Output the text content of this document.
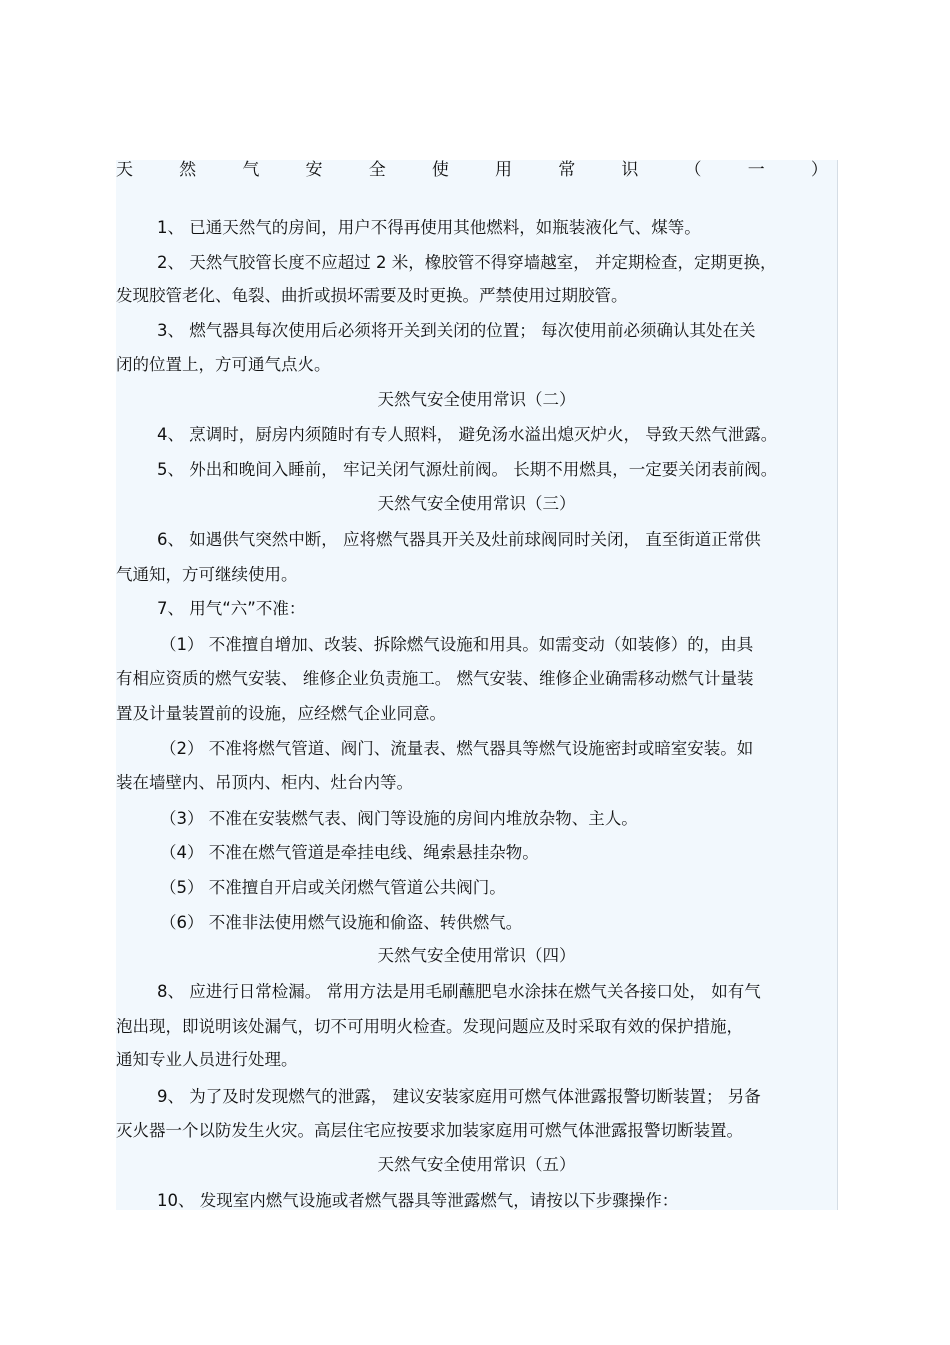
天	然	气	安	全	使	用	常	识	（	一	）
1、 已通天然气的房间，用户不得再使用其他燃料，如瓶装液化气、煤等。
2、 天然气胶管长度不应超过 2 米，橡胶管不得穿墙越室， 并定期检查，定期更换，
发现胶管老化、龟裂、曲折或损坏需要及时更换。严禁使用过期胶管。
3、 燃气器具每次使用后必须将开关到关闭的位置； 每次使用前必须确认其处在关
闭的位置上，方可通气点火。
天然气安全使用常识（二）
4、 烹调时，厨房内须随时有专人照料， 避免汤水溢出熄灭炉火， 导致天然气泄露。
5、 外出和晚间入睡前， 牢记关闭气源灶前阀。 长期不用燃具，一定要关闭表前阀。
天然气安全使用常识（三）
6、 如遇供气突然中断， 应将燃气器具开关及灶前球阀同时关闭， 直至街道正常供
气通知，方可继续使用。
7、 用气“六”不准：
（1） 不准擅自增加、改装、拆除燃气设施和用具。如需变动（如装修）的，由具
有相应资质的燃气安装、 维修企业负责施工。 燃气安装、维修企业确需移动燃气计量装
置及计量装置前的设施，应经燃气企业同意。
（2） 不准将燃气管道、阀门、流量表、燃气器具等燃气设施密封或暗室安装。如
装在墙壁内、吊顶内、柜内、灶台内等。
（3） 不准在安装燃气表、阀门等设施的房间内堆放杂物、主人。
（4） 不准在燃气管道是牵挂电线、绳索悬挂杂物。
（5） 不准擅自开启或关闭燃气管道公共阀门。
（6） 不准非法使用燃气设施和偷盗、转供燃气。
天然气安全使用常识（四）
8、 应进行日常检漏。 常用方法是用毛刷蘸肥皂水涂抹在燃气关各接口处， 如有气
泡出现，即说明该处漏气，切不可用明火检查。发现问题应及时采取有效的保护措施，
通知专业人员进行处理。
9、 为了及时发现燃气的泄露， 建议安装家庭用可燃气体泄露报警切断装置； 另备
灭火器一个以防发生火灾。高层住宅应按要求加装家庭用可燃气体泄露报警切断装置。
天然气安全使用常识（五）
10、 发现室内燃气设施或者燃气器具等泄露燃气，请按以下步骤操作：
